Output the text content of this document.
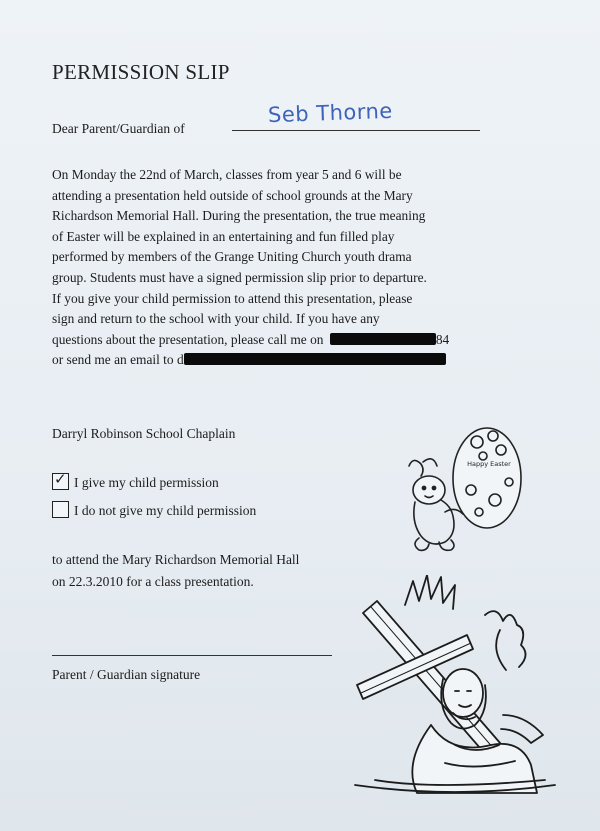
PERMISSION SLIP
Dear Parent/Guardian of
Seb Thorne
On Monday the 22nd of March, classes from year 5 and 6 will be
attending a presentation held outside of school grounds at the Mary
Richardson Memorial Hall. During the presentation, the true meaning
of Easter will be explained in an entertaining and fun filled play
performed by members of the Grange Uniting Church youth drama
group. Students must have a signed permission slip prior to departure.
If you give your child permission to attend this presentation, please
sign and return to the school with your child. If you have any
questions about the presentation, please call me on	84
or send me an email to d
Darryl Robinson School Chaplain
✓ I give my child permission
I do not give my child permission
to attend the Mary Richardson Memorial Hall
on 22.3.2010 for a class presentation.
Parent / Guardian signature
Happy Easter
